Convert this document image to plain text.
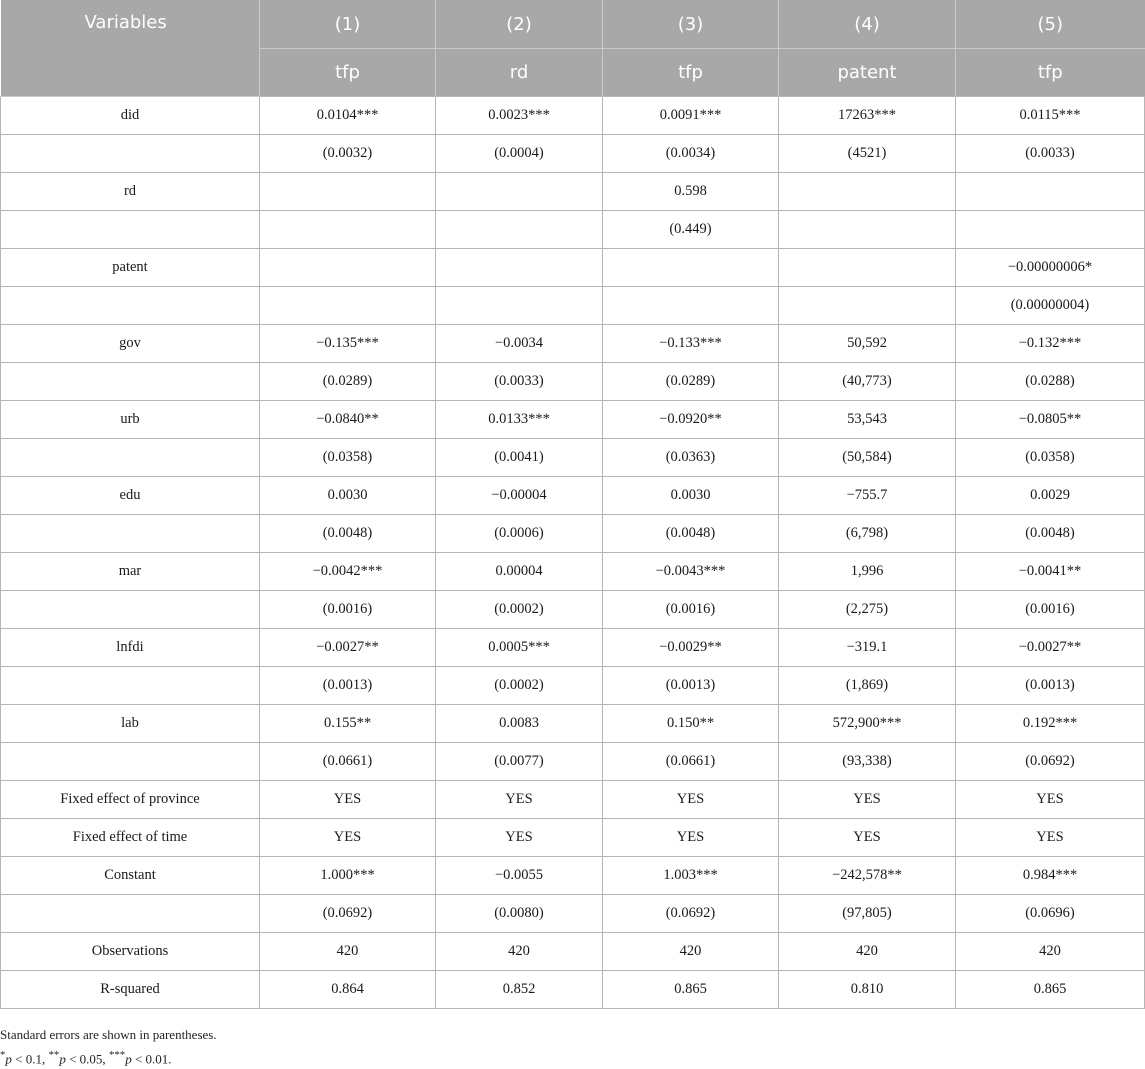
Variables	(1)	(2)	(3)	(4)	(5)
	tfp	rd	tfp	patent	tfp
did	0.0104***	0.0023***	0.0091***	17263***	0.0115***
	(0.0032)	(0.0004)	(0.0034)	(4521)	(0.0033)
rd			0.598		
			(0.449)		
patent					−0.00000006*
					(0.00000004)
gov	−0.135***	−0.0034	−0.133***	50,592	−0.132***
	(0.0289)	(0.0033)	(0.0289)	(40,773)	(0.0288)
urb	−0.0840**	0.0133***	−0.0920**	53,543	−0.0805**
	(0.0358)	(0.0041)	(0.0363)	(50,584)	(0.0358)
edu	0.0030	−0.00004	0.0030	−755.7	0.0029
	(0.0048)	(0.0006)	(0.0048)	(6,798)	(0.0048)
mar	−0.0042***	0.00004	−0.0043***	1,996	−0.0041**
	(0.0016)	(0.0002)	(0.0016)	(2,275)	(0.0016)
lnfdi	−0.0027**	0.0005***	−0.0029**	−319.1	−0.0027**
	(0.0013)	(0.0002)	(0.0013)	(1,869)	(0.0013)
lab	0.155**	0.0083	0.150**	572,900***	0.192***
	(0.0661)	(0.0077)	(0.0661)	(93,338)	(0.0692)
Fixed effect of province	YES	YES	YES	YES	YES
Fixed effect of time	YES	YES	YES	YES	YES
Constant	1.000***	−0.0055	1.003***	−242,578**	0.984***
	(0.0692)	(0.0080)	(0.0692)	(97,805)	(0.0696)
Observations	420	420	420	420	420
R-squared	0.864	0.852	0.865	0.810	0.865
Standard errors are shown in parentheses.
*p < 0.1, **p < 0.05, ***p < 0.01.
